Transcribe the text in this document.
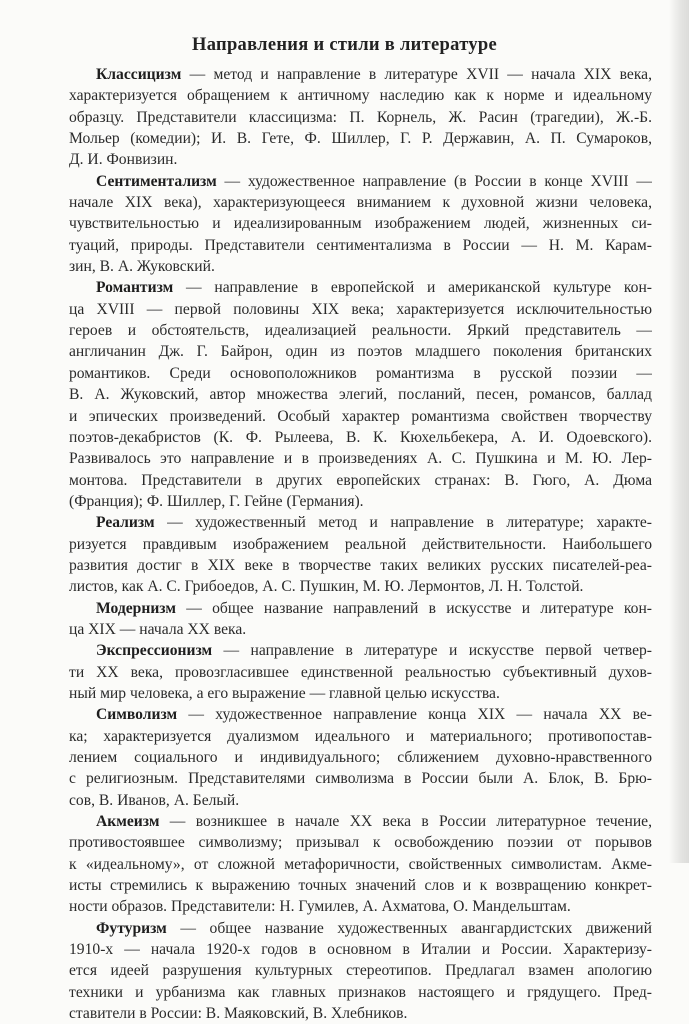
Направления и стили в литературе
Классицизм — метод и направление в литературе XVII — начала XIX века,
характеризуется обращением к античному наследию как к норме и идеальному
образцу. Представители классицизма: П. Корнель, Ж. Расин (трагедии), Ж.-Б.
Мольер (комедии); И. В. Гете, Ф. Шиллер, Г. Р. Державин, А. П. Сумароков,
Д. И. Фонвизин.
Сентиментализм — художественное направление (в России в конце XVIII —
начале XIX века), характеризующееся вниманием к духовной жизни человека,
чувствительностью и идеализированным изображением людей, жизненных си-
туаций, природы. Представители сентиментализма в России — Н. М. Карам-
зин, В. А. Жуковский.
Романтизм — направление в европейской и американской культуре кон-
ца XVIII — первой половины XIX века; характеризуется исключительностью
героев и обстоятельств, идеализацией реальности. Яркий представитель —
англичанин Дж. Г. Байрон, один из поэтов младшего поколения британских
романтиков. Среди основоположников романтизма в русской поэзии —
В. А. Жуковский, автор множества элегий, посланий, песен, романсов, баллад
и эпических произведений. Особый характер романтизма свойствен творчеству
поэтов-декабристов (К. Ф. Рылеева, В. К. Кюхельбекера, А. И. Одоевского).
Развивалось это направление и в произведениях А. С. Пушкина и М. Ю. Лер-
монтова. Представители в других европейских странах: В. Гюго, А. Дюма
(Франция); Ф. Шиллер, Г. Гейне (Германия).
Реализм — художественный метод и направление в литературе; характе-
ризуется правдивым изображением реальной действительности. Наибольшего
развития достиг в XIX веке в творчестве таких великих русских писателей-реа-
листов, как А. С. Грибоедов, А. С. Пушкин, М. Ю. Лермонтов, Л. Н. Толстой.
Модернизм — общее название направлений в искусстве и литературе кон-
ца XIX — начала XX века.
Экспрессионизм — направление в литературе и искусстве первой четвер-
ти XX века, провозгласившее единственной реальностью субъективный духов-
ный мир человека, а его выражение — главной целью искусства.
Символизм — художественное направление конца XIX — начала XX ве-
ка; характеризуется дуализмом идеального и материального; противопостав-
лением социального и индивидуального; сближением духовно-нравственного
с религиозным. Представителями символизма в России были А. Блок, В. Брю-
сов, В. Иванов, А. Белый.
Акмеизм — возникшее в начале XX века в России литературное течение,
противостоявшее символизму; призывал к освобождению поэзии от порывов
к «идеальному», от сложной метафоричности, свойственных символистам. Акме-
исты стремились к выражению точных значений слов и к возвращению конкрет-
ности образов. Представители: Н. Гумилев, А. Ахматова, О. Мандельштам.
Футуризм — общее название художественных авангардистских движений
1910-х — начала 1920-х годов в основном в Италии и России. Характеризу-
ется идеей разрушения культурных стереотипов. Предлагал взамен апологию
техники и урбанизма как главных признаков настоящего и грядущего. Пред-
ставители в России: В. Маяковский, В. Хлебников.
